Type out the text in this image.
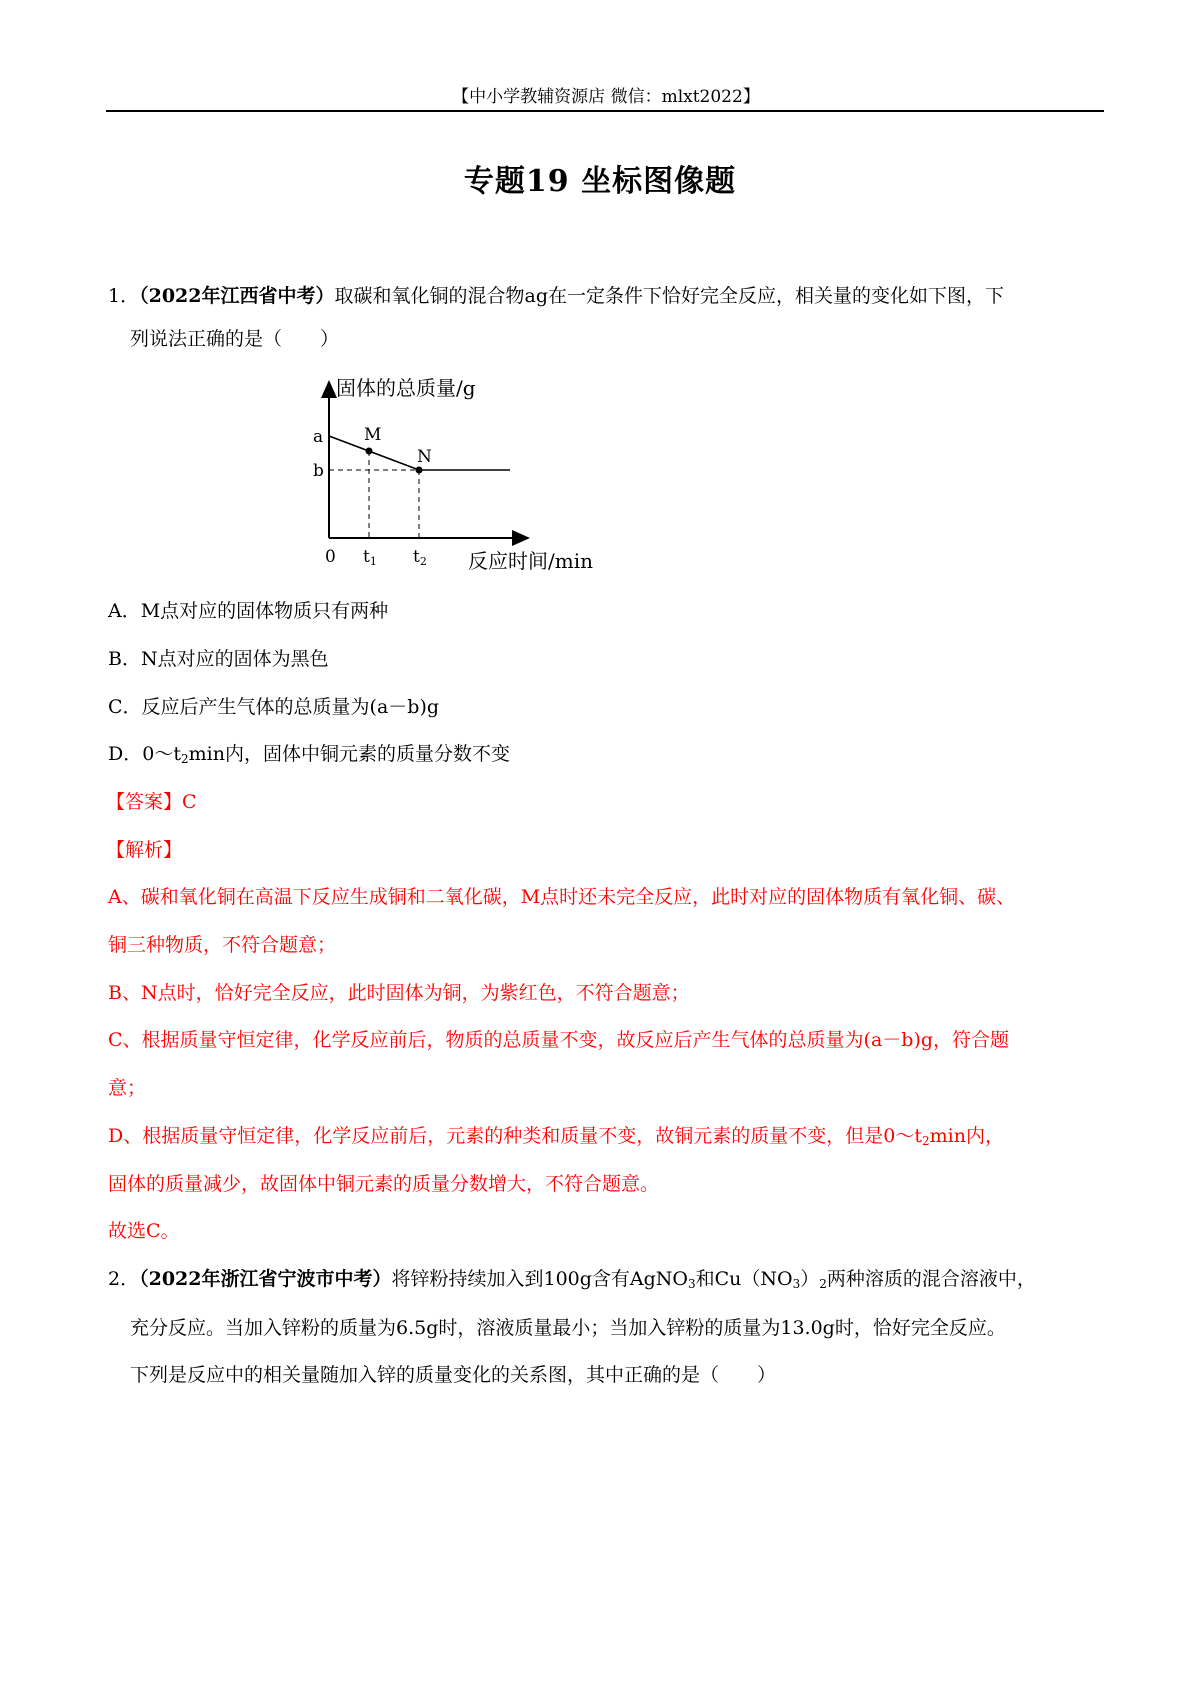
【中小学教辅资源店 微信：mlxt2022】
专题19 坐标图像题
1．（2022年江西省中考）取碳和氧化铜的混合物ag在一定条件下恰好完全反应，相关量的变化如下图，下
列说法正确的是（　　）
固体的总质量/g
a
b
M
N
0 t1 t2 反应时间/min
A．M点对应的固体物质只有两种
B．N点对应的固体为黑色
C．反应后产生气体的总质量为(a－b)g
D．$0\sim t_2\min$内，固体中铜元素的质量分数不变
【答案】C
【解析】
A、碳和氧化铜在高温下反应生成铜和二氧化碳，M点时还未完全反应，此时对应的固体物质有氧化铜、碳、
铜三种物质，不符合题意；
B、N点时，恰好完全反应，此时固体为铜，为紫红色，不符合题意；
C、根据质量守恒定律，化学反应前后，物质的总质量不变，故反应后产生气体的总质量为(a－b)g，符合题
意；
D、根据质量守恒定律，化学反应前后，元素的种类和质量不变，故铜元素的质量不变，但是$0\sim t_2\min$内，
固体的质量减少，故固体中铜元素的质量分数增大，不符合题意。
故选C。
2．（2022年浙江省宁波市中考）将锌粉持续加入到100g含有AgNO$_3$和$Cu(NO_3)_2$两种溶质的混合溶液中，
充分反应。当加入锌粉的质量为6.5g时，溶液质量最小；当加入锌粉的质量为13.0g时，恰好完全反应。
下列是反应中的相关量随加入锌的质量变化的关系图，其中正确的是（　　）
